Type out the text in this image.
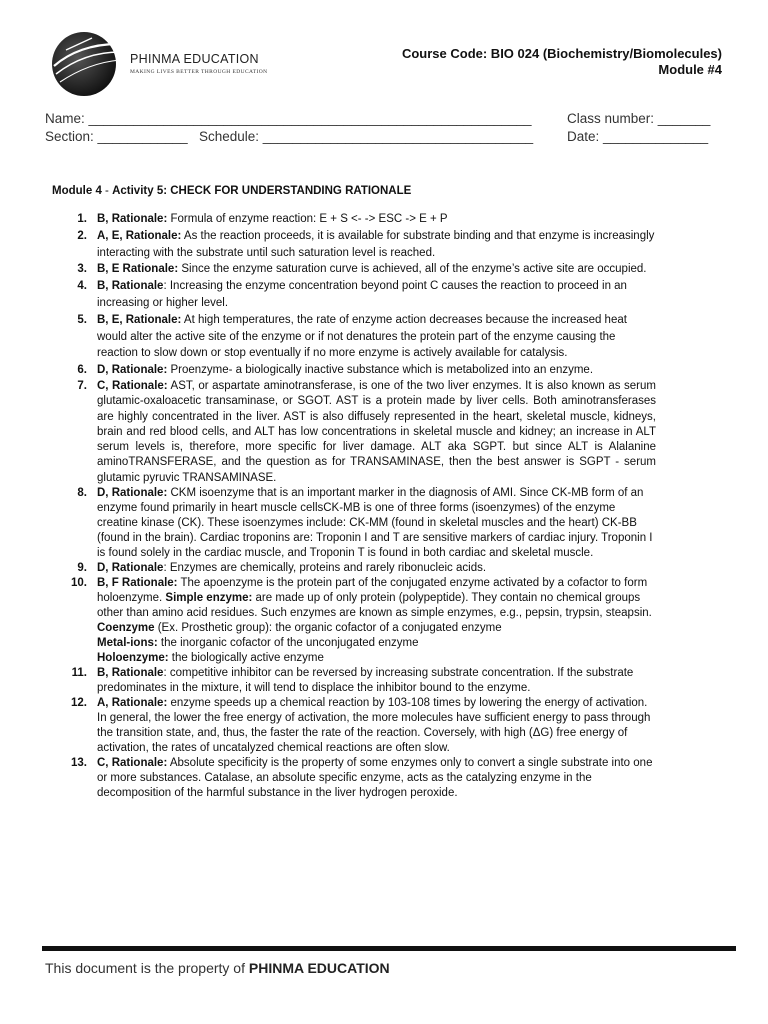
PHINMA EDUCATION
MAKING LIVES BETTER THROUGH EDUCATION
Course Code: BIO 024 (Biochemistry/Biomolecules)
Module #4
Name: ___________________________________________________________	Class number: _______
Section: ____________ Schedule: ____________________________________	Date: ______________
Module 4 - Activity 5: CHECK FOR UNDERSTANDING RATIONALE
1. B, Rationale: Formula of enzyme reaction: E + S <- -> ESC -> E + P
2. A, E, Rationale: As the reaction proceeds, it is available for substrate binding and that enzyme is increasingly interacting with the substrate until such saturation level is reached.
3. B, E Rationale: Since the enzyme saturation curve is achieved, all of the enzyme’s active site are occupied.
4. B, Rationale: Increasing the enzyme concentration beyond point C causes the reaction to proceed in an increasing or higher level.
5. B, E, Rationale: At high temperatures, the rate of enzyme action decreases because the increased heat would alter the active site of the enzyme or if not denatures the protein part of the enzyme causing the reaction to slow down or stop eventually if no more enzyme is actively available for catalysis.
6. D, Rationale: Proenzyme- a biologically inactive substance which is metabolized into an enzyme.
7. C, Rationale: AST, or aspartate aminotransferase, is one of the two liver enzymes. It is also known as serum glutamic-oxaloacetic transaminase, or SGOT. AST is a protein made by liver cells. Both aminotransferases are highly concentrated in the liver. AST is also diffusely represented in the heart, skeletal muscle, kidneys, brain and red blood cells, and ALT has low concentrations in skeletal muscle and kidney; an increase in ALT serum levels is, therefore, more specific for liver damage. ALT aka SGPT. but since ALT is Alalanine aminoTRANSFERASE, and the question as for TRANSAMINASE, then the best answer is SGPT - serum glutamic pyruvic TRANSAMINASE.
8. D, Rationale: CKM isoenzyme that is an important marker in the diagnosis of AMI. Since CK-MB form of an enzyme found primarily in heart muscle cellsCK-MB is one of three forms (isoenzymes) of the enzyme creatine kinase (CK). These isoenzymes include: CK-MM (found in skeletal muscles and the heart) CK-BB (found in the brain). Cardiac troponins are: Troponin I and T are sensitive markers of cardiac injury. Troponin I is found solely in the cardiac muscle, and Troponin T is found in both cardiac and skeletal muscle.
9. D, Rationale: Enzymes are chemically, proteins and rarely ribonucleic acids.
10. B, F Rationale: The apoenzyme is the protein part of the conjugated enzyme activated by a cofactor to form holoenzyme. Simple enzyme: are made up of only protein (polypeptide). They contain no chemical groups other than amino acid residues. Such enzymes are known as simple enzymes, e.g., pepsin, trypsin, steapsin.
Coenzyme (Ex. Prosthetic group): the organic cofactor of a conjugated enzyme
Metal-ions: the inorganic cofactor of the unconjugated enzyme
Holoenzyme: the biologically active enzyme
11. B, Rationale: competitive inhibitor can be reversed by increasing substrate concentration. If the substrate predominates in the mixture, it will tend to displace the inhibitor bound to the enzyme.
12. A, Rationale: enzyme speeds up a chemical reaction by 103-108 times by lowering the energy of activation. In general, the lower the free energy of activation, the more molecules have sufficient energy to pass through the transition state, and, thus, the faster the rate of the reaction. Coversely, with high (ΔG) free energy of activation, the rates of uncatalyzed chemical reactions are often slow.
13. C, Rationale: Absolute specificity is the property of some enzymes only to convert a single substrate into one or more substances. Catalase, an absolute specific enzyme, acts as the catalyzing enzyme in the decomposition of the harmful substance in the liver hydrogen peroxide.
This document is the property of PHINMA EDUCATION
